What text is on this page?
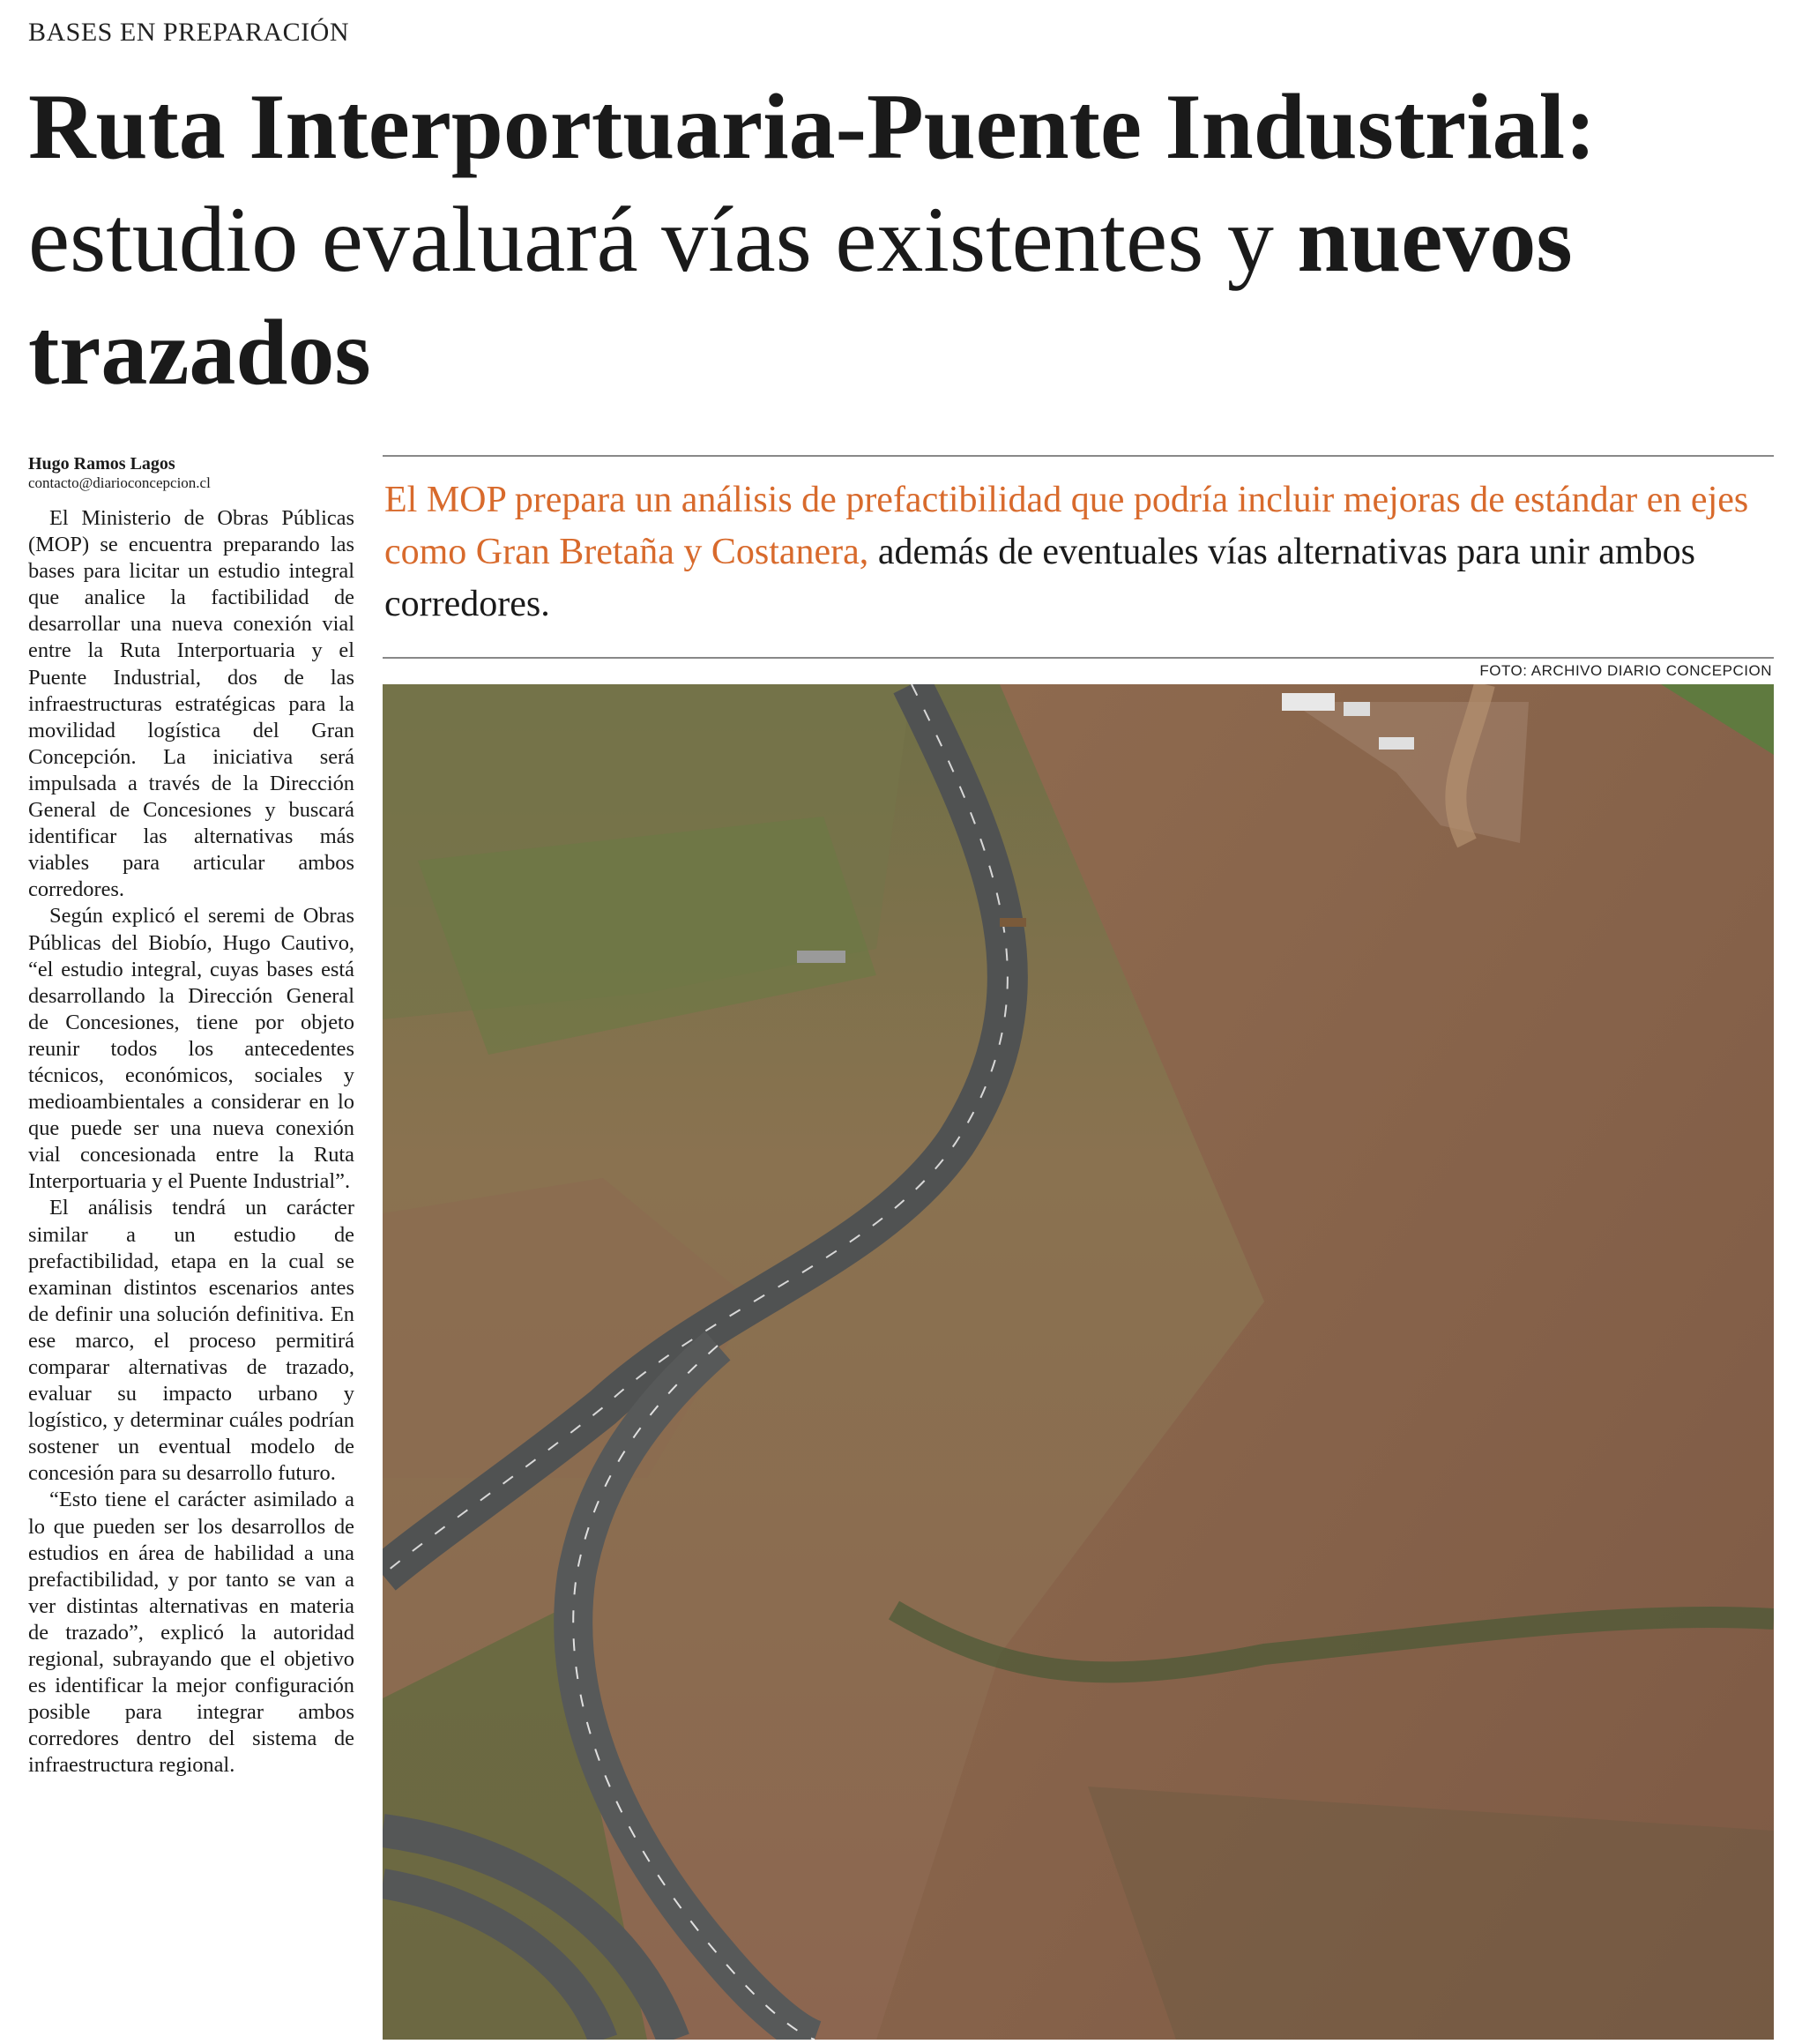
BASES EN PREPARACIÓN
Ruta Interportuaria-Puente Industrial: estudio evaluará vías existentes y nuevos trazados
Hugo Ramos Lagos
contacto@diarioconcepcion.cl

El Ministerio de Obras Públicas (MOP) se encuentra preparando las bases para licitar un estudio integral que analice la factibilidad de desarrollar una nueva conexión vial entre la Ruta Interportuaria y el Puente Industrial, dos de las infraestructuras estratégicas para la movilidad logística del Gran Concepción. La iniciativa será impulsada a través de la Dirección General de Concesiones y buscará identificar las alternativas más viables para articular ambos corredores.

Según explicó el seremi de Obras Públicas del Biobío, Hugo Cautivo, “el estudio integral, cuyas bases está desarrollando la Dirección General de Concesiones, tiene por objeto reunir todos los antecedentes técnicos, económicos, sociales y medioambientales a considerar en lo que puede ser una nueva conexión vial concesionada entre la Ruta Interportuaria y el Puente Industrial”.

El análisis tendrá un carácter similar a un estudio de prefactibilidad, etapa en la cual se examinan distintos escenarios antes de definir una solución definitiva. En ese marco, el proceso permitirá comparar alternativas de trazado, evaluar su impacto urbano y logístico, y determinar cuáles podrían sostener un eventual modelo de concesión para su desarrollo futuro.

“Esto tiene el carácter asimilado a lo que pueden ser los desarrollos de estudios en área de habilidad a una prefactibilidad, y por tanto se van a ver distintas alternativas en materia de trazado”, explicó la autoridad regional, subrayando que el objetivo es identificar la mejor configuración posible para integrar ambos corredores dentro del sistema de infraestructura regional.

El MOP prepara un análisis de prefactibilidad que podría incluir mejoras de estándar en ejes como Gran Bretaña y Costanera, además de eventuales vías alternativas para unir ambos corredores.
FOTO: ARCHIVO DIARIO CONCEPCION
